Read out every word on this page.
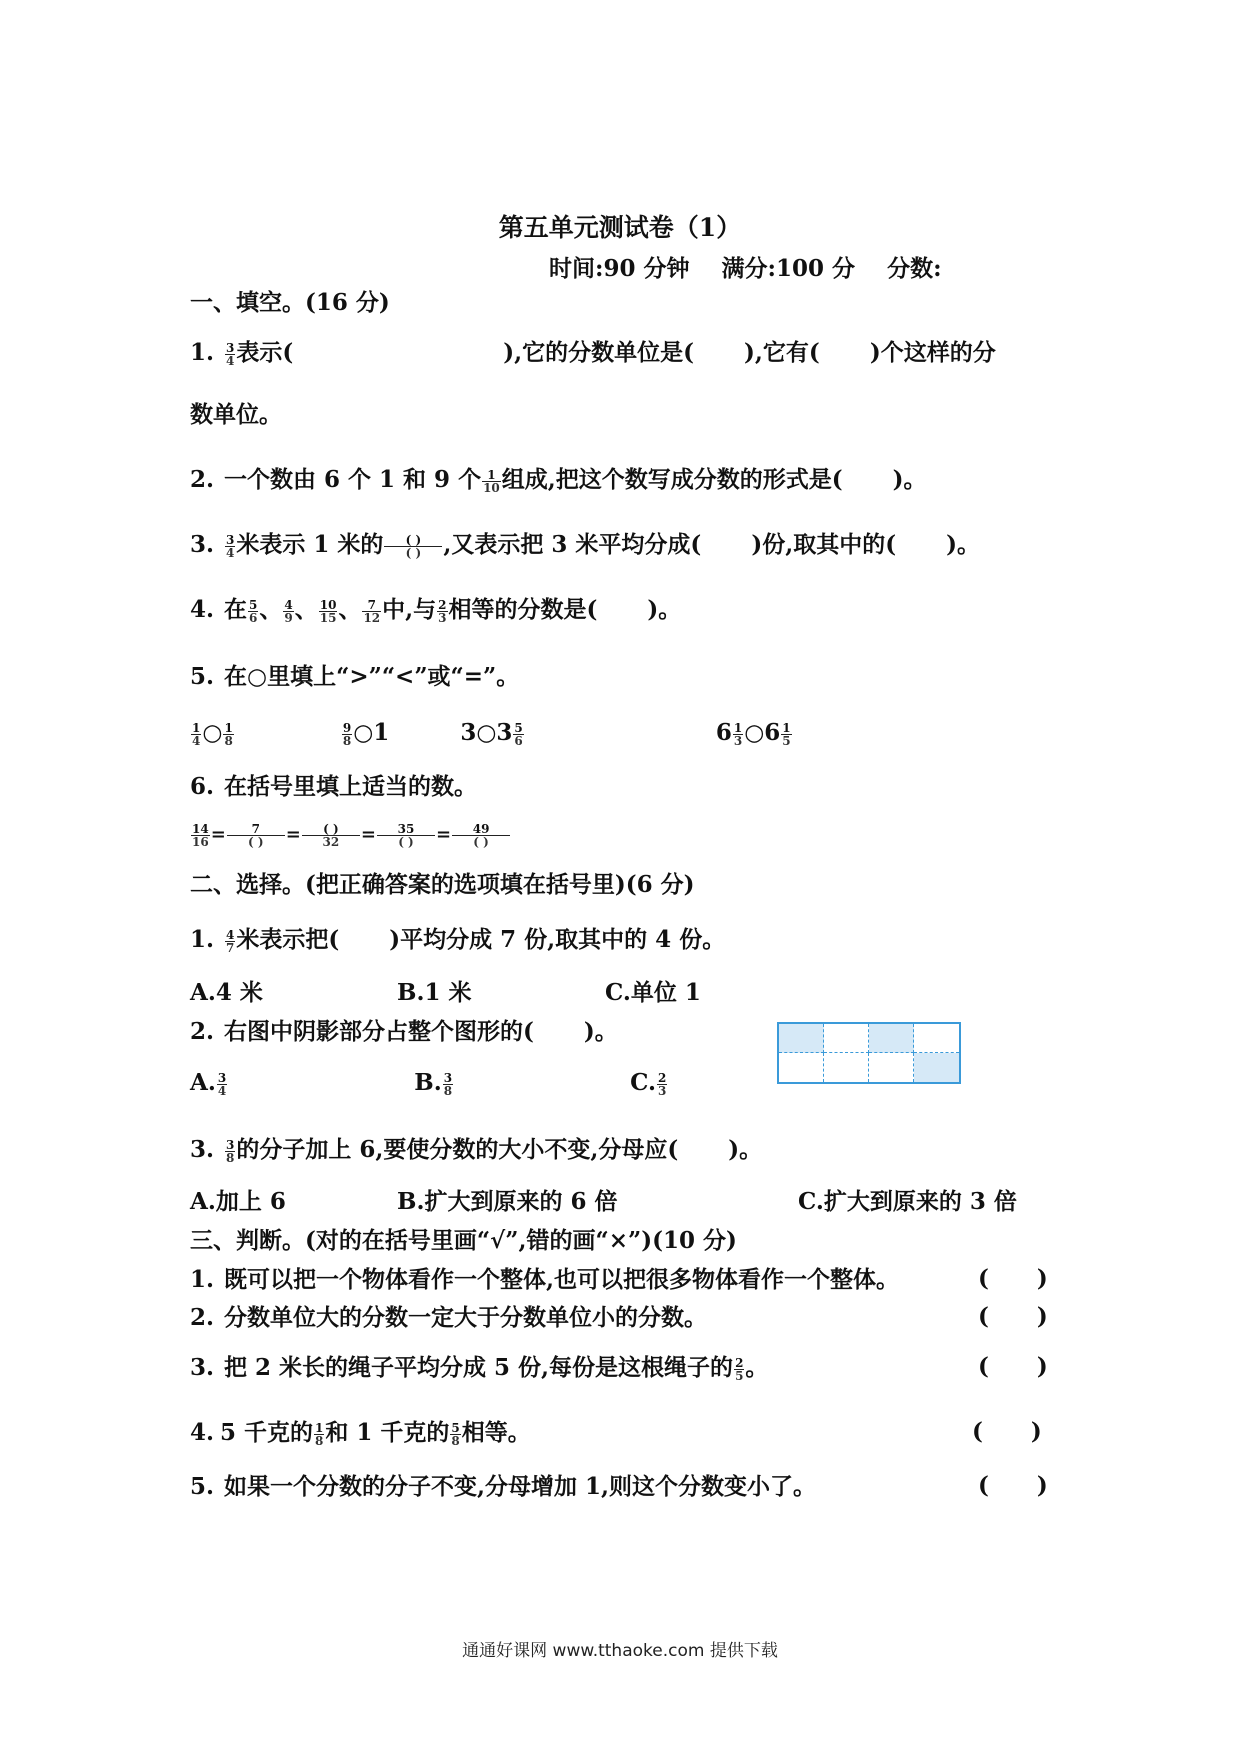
第五单元测试卷（1）
时间:90 分钟    满分:100 分    分数:
一、填空。(16 分)
1. $\frac{3}{4}$ 表示(	),它的分数单位是( ),它有( )个这样的分
数单位。
2. 一个数由 6 个 1 和 9 个 $\frac{1}{10}$ 组成,把这个数写成分数的形式是( )。
3. $\frac{3}{4}$ 米表示 1 米的 $\frac{( )}{( )}$ ,又表示把 3 米平均分成( )份,取其中的( )。
4. 在 $\frac{5}{6}$ 、 $\frac{4}{9}$ 、 $\frac{10}{15}$ 、 $\frac{7}{12}$ 中,与 $\frac{2}{3}$ 相等的分数是( )。
5. 在○里填上“>”“<”或“=”。
$\frac{1}{4}$ ○ $\frac{1}{8}$
	$\frac{9}{8}$ ○1	3○3 $\frac{5}{6}$	$6 \frac{1}{3}$ ○6 $\frac{1}{5}$
6. 在括号里填上适当的数。
$\frac{14}{16} = \frac{7}{( )} = \frac{( )}{32} = \frac{35}{( )} = \frac{49}{( )}$
二、选择。(把正确答案的选项填在括号里)(6 分)
1. $\frac{4}{7}$ 米表示把( )平均分成 7 份,取其中的 4 份。
A.4 米	B.1 米	C.单位 1
2. 右图中阴影部分占整个图形的( )。
A. $\frac{3}{4}$	B. $\frac{3}{8}$	C. $\frac{2}{3}$
3. $\frac{3}{8}$ 的分子加上 6,要使分数的大小不变,分母应( )。
A.加上 6	B.扩大到原来的 6 倍	C.扩大到原来的 3 倍
三、判断。(对的在括号里画“√”,错的画“×”)(10 分)
1. 既可以把一个物体看作一个整体,也可以把很多物体看作一个整体。	(      )
2. 分数单位大的分数一定大于分数单位小的分数。	(      )
3. 把 2 米长的绳子平均分成 5 份,每份是这根绳子的 $\frac{2}{5}$ 。	(      )
4. 5 千克的 $\frac{1}{8}$ 和 1 千克的 $\frac{5}{8}$ 相等。	(      )
5. 如果一个分数的分子不变,分母增加 1,则这个分数变小了。	(      )
通通好课网 www.tthaoke.com 提供下载
